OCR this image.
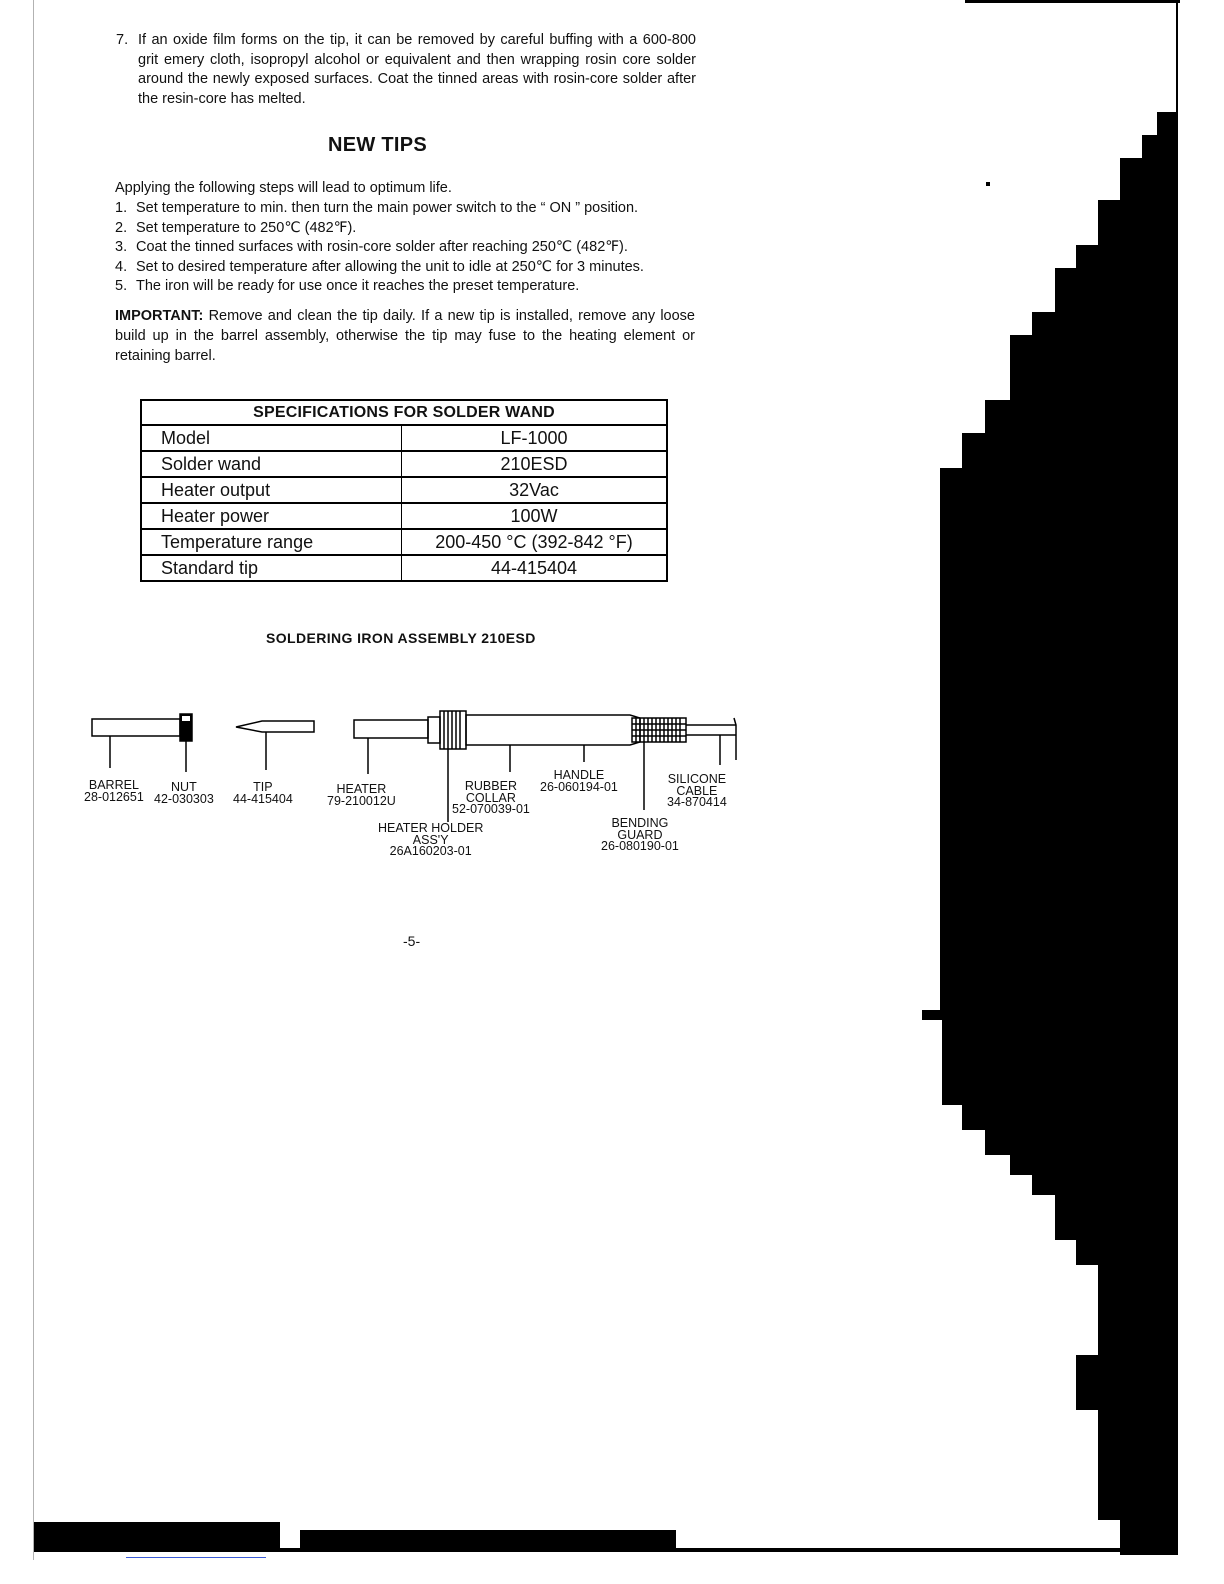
7. If an oxide film forms on the tip, it can be removed by careful buffing with a 600-800 grit emery cloth, isopropyl alcohol or equivalent and then wrapping rosin core solder around the newly exposed surfaces. Coat the tinned areas with rosin-core solder after the resin-core has melted.
NEW TIPS
Applying the following steps will lead to optimum life.
1. Set temperature to min. then turn the main power switch to the “ ON ” position.
2. Set temperature to 250℃ (482℉).
3. Coat the tinned surfaces with rosin-core solder after reaching 250℃ (482℉).
4. Set to desired temperature after allowing the unit to idle at 250℃ for 3 minutes.
5. The iron will be ready for use once it reaches the preset temperature.
IMPORTANT: Remove and clean the tip daily. If a new tip is installed, remove any loose build up in the barrel assembly, otherwise the tip may fuse to the heating element or retaining barrel.
SPECIFICATIONS FOR SOLDER WAND	
Model	LF-1000
Solder wand	210ESD
Heater output	32Vac
Heater power	100W
Temperature range	200-450 °C (392-842 °F)
Standard tip	44-415404
SOLDERING IRON ASSEMBLY 210ESD
BARREL
28-012651
NUT
42-030303
TIP
44-415404
HEATER
79-210012U
RUBBER
COLLAR
52-070039-01
HANDLE
26-060194-01
SILICONE
CABLE
34-870414
HEATER HOLDER
ASS'Y
26A160203-01
BENDING
GUARD
26-080190-01
-5-
